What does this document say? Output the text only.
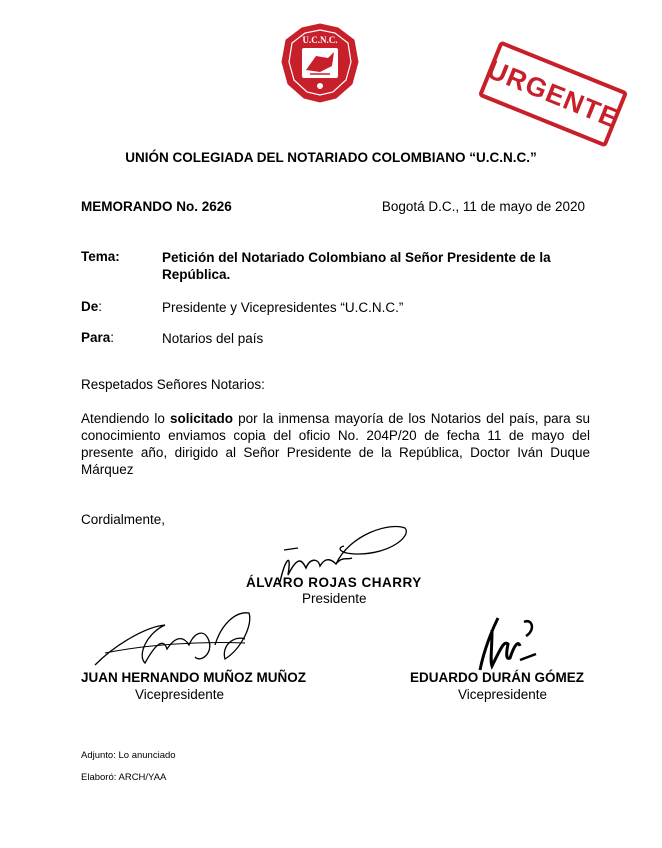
U.C.N.C.
URGENTE
UNIÓN COLEGIADA DEL NOTARIADO COLOMBIANO “U.C.N.C.”
MEMORANDO No. 2626	Bogotá D.C., 11 de mayo de 2020
Tema:	Petición del Notariado Colombiano al Señor Presidente de la República.
De:	Presidente y Vicepresidentes “U.C.N.C.”
Para:	Notarios del país
Respetados Señores Notarios:
Atendiendo lo solicitado por la inmensa mayoría de los Notarios del país, para su conocimiento enviamos copia del oficio No. 204P/20 de fecha 11 de mayo del presente año, dirigido al Señor Presidente de la República, Doctor Iván Duque Márquez
Cordialmente,
ÁLVARO ROJAS CHARRY
Presidente
JUAN HERNANDO MUÑOZ MUÑOZ
Vicepresidente
EDUARDO DURÁN GÓMEZ
Vicepresidente
Adjunto: Lo anunciado
Elaboró: ARCH/YAA
